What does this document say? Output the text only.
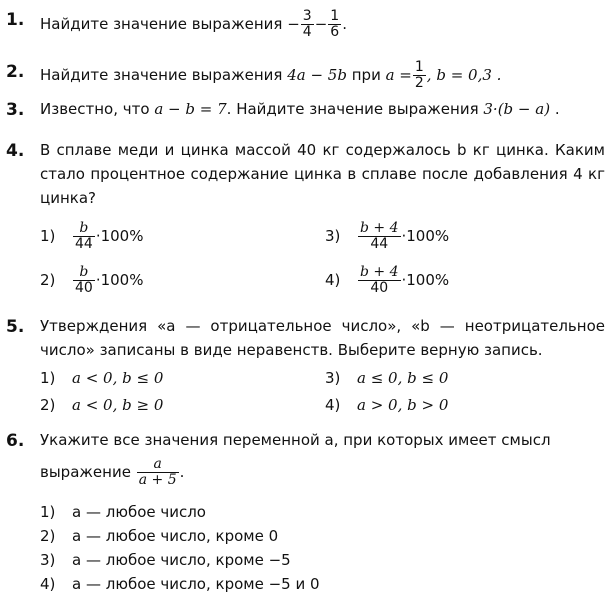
1. Найдите значение выражения − $\frac{3}{4} - \frac{1}{6}$ .
2. Найдите значение выражения 4a − 5b при $a = \frac{1}{2}$ , b = 0,3 .
3. Известно, что a − b = 7. Найдите значение выражения 3·(b − a) .
4. В сплаве меди и цинка массой 40 кг содержалось b кг цинка. Каким стало процентное содержание цинка в сплаве после добавления 4 кг цинка?
$1) \frac{b}{44} \cdot 100\%$
$2) \frac{b}{40} \cdot 100\%$
$3) \frac{b + 4}{44} \cdot 100\%$
$4) \frac{b + 4}{40} \cdot 100\%$
5. Утверждения «a — отрицательное число», «b — неотрицательное число» записаны в виде неравенств. Выберите верную запись.
1) a < 0, b ≤ 0
2) a < 0, b ≥ 0
3) a ≤ 0, b ≤ 0
4) a > 0, b > 0
6. Укажите все значения переменной a, при которых имеет смысл
выражение $\frac{a}{a + 5}$ .
1) a — любое число
2) a — любое число, кроме 0
3) a — любое число, кроме −5
4) a — любое число, кроме −5 и 0
